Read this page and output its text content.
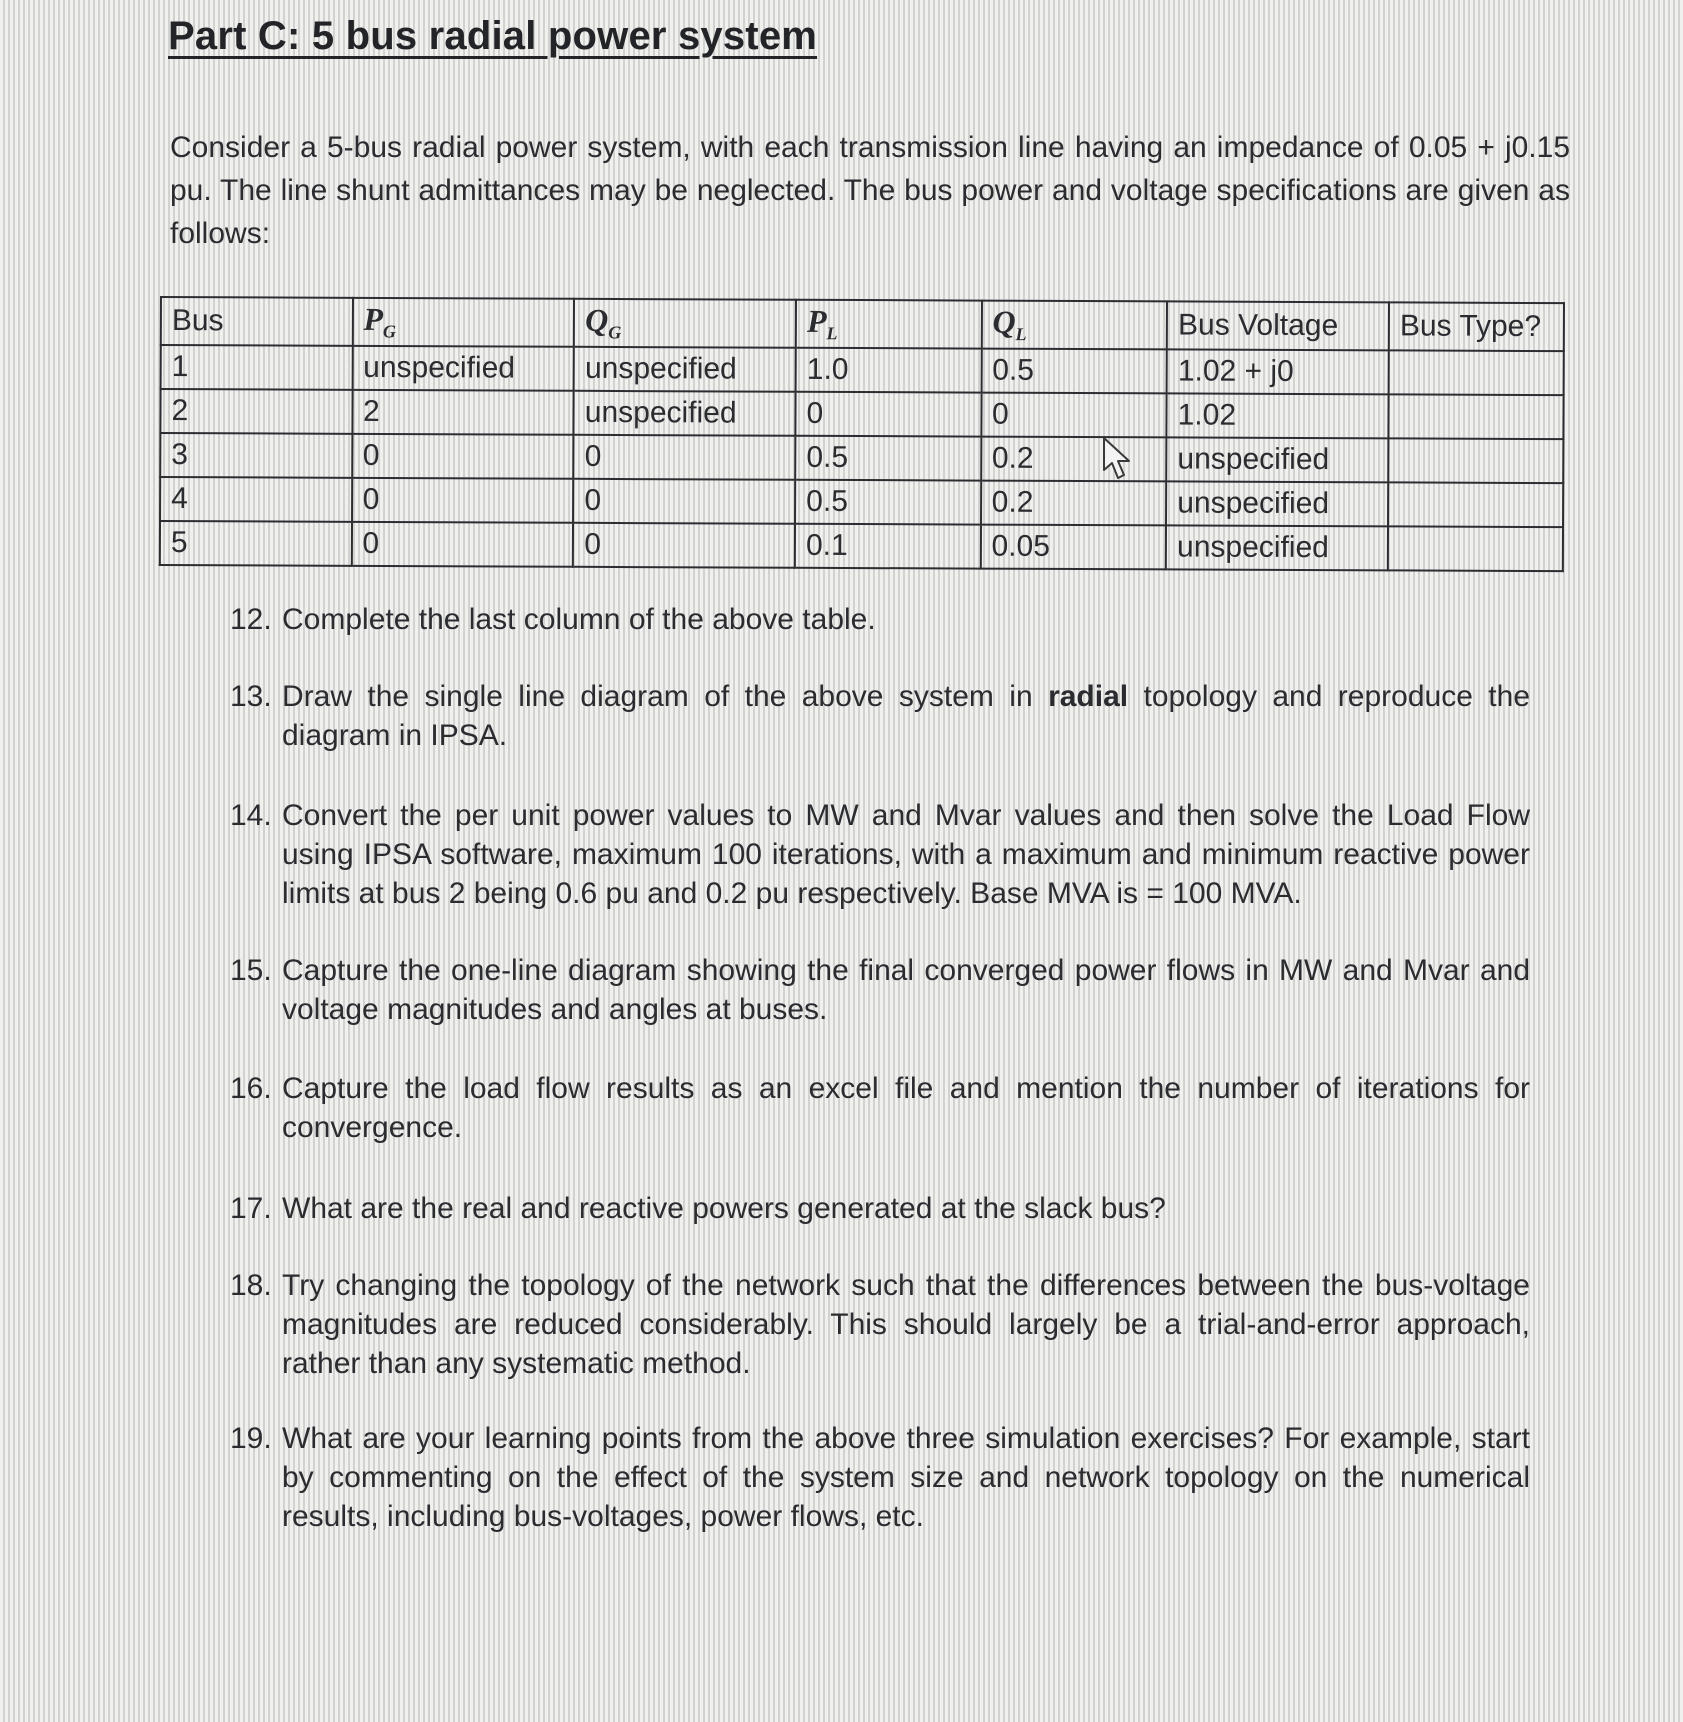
Part C: 5 bus radial power system

Consider a 5-bus radial power system, with each transmission line having an impedance of 0.05 + j0.15 pu. The line shunt admittances may be neglected. The bus power and voltage specifications are given as follows:

Bus	$P_G$	$Q_G$	$P_L$	$Q_L$	Bus Voltage	Bus Type?
1	unspecified	unspecified	1.0	0.5	1.02 + j0	
2	2	unspecified	0	0	1.02	
3	0	0	0.5	0.2	unspecified	
4	0	0	0.5	0.2	unspecified	
5	0	0	0.1	0.05	unspecified	
12. Complete the last column of the above table.
13. Draw the single line diagram of the above system in radial topology and reproduce the diagram in IPSA.
14. Convert the per unit power values to MW and Mvar values and then solve the Load Flow using IPSA software, maximum 100 iterations, with a maximum and minimum reactive power limits at bus 2 being 0.6 pu and 0.2 pu respectively. Base MVA is = 100 MVA.
15. Capture the one-line diagram showing the final converged power flows in MW and Mvar and voltage magnitudes and angles at buses.
16. Capture the load flow results as an excel file and mention the number of iterations for convergence.
17. What are the real and reactive powers generated at the slack bus?
18. Try changing the topology of the network such that the differences between the bus-voltage magnitudes are reduced considerably. This should largely be a trial-and-error approach, rather than any systematic method.
19. What are your learning points from the above three simulation exercises? For example, start by commenting on the effect of the system size and network topology on the numerical results, including bus-voltages, power flows, etc.
